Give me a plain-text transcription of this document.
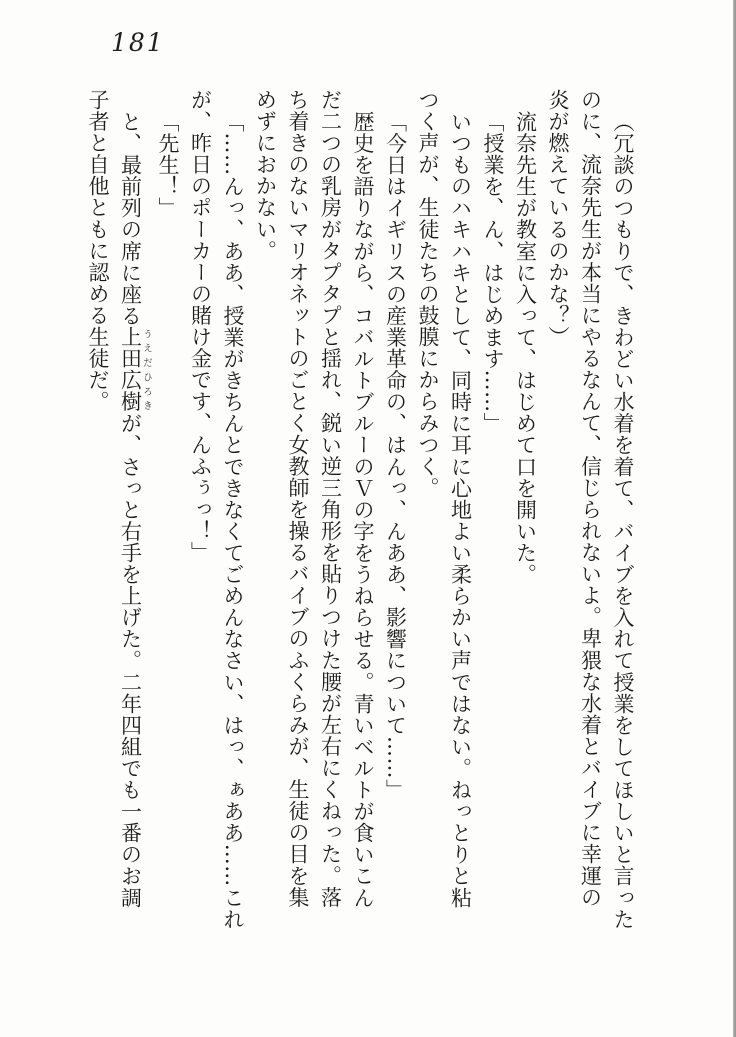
181
（冗談のつもりで、きわどい水着を着て、バイブを入れて授業をしてほしいと言った
のに、流奈先生が本当にやるなんて、信じられないよ。卑猥な水着とバイブに幸運の
炎が燃えているのかな？）
流奈先生が教室に入って、はじめて口を開いた。
「授業を、ん、はじめます……」
いつものハキハキとして、同時に耳に心地よい柔らかい声ではない。ねっとりと粘
つく声が、生徒たちの鼓膜にからみつく。
「今日はイギリスの産業革命の、はんっ、んああ、影響について……」
歴史を語りながら、コバルトブルーのＶの字をうねらせる。青いベルトが食いこん
だ二つの乳房がタプタプと揺れ、鋭い逆三角形を貼りつけた腰が左右にくねった。落
ち着きのないマリオネットのごとく女教師を操るバイブのふくらみが、生徒の目を集
めずにおかない。
「……んっ、ああ、授業がきちんとできなくてごめんなさい、はっ、ぁああ……これ
が、昨日のポーカーの賭け金です、んふぅっ！」
「先生！」
と、最前列の席に座る上田うえだ広樹ひろきが、さっと右手を上げた。二年四組でも一番のお調
子者と自他ともに認める生徒だ。
